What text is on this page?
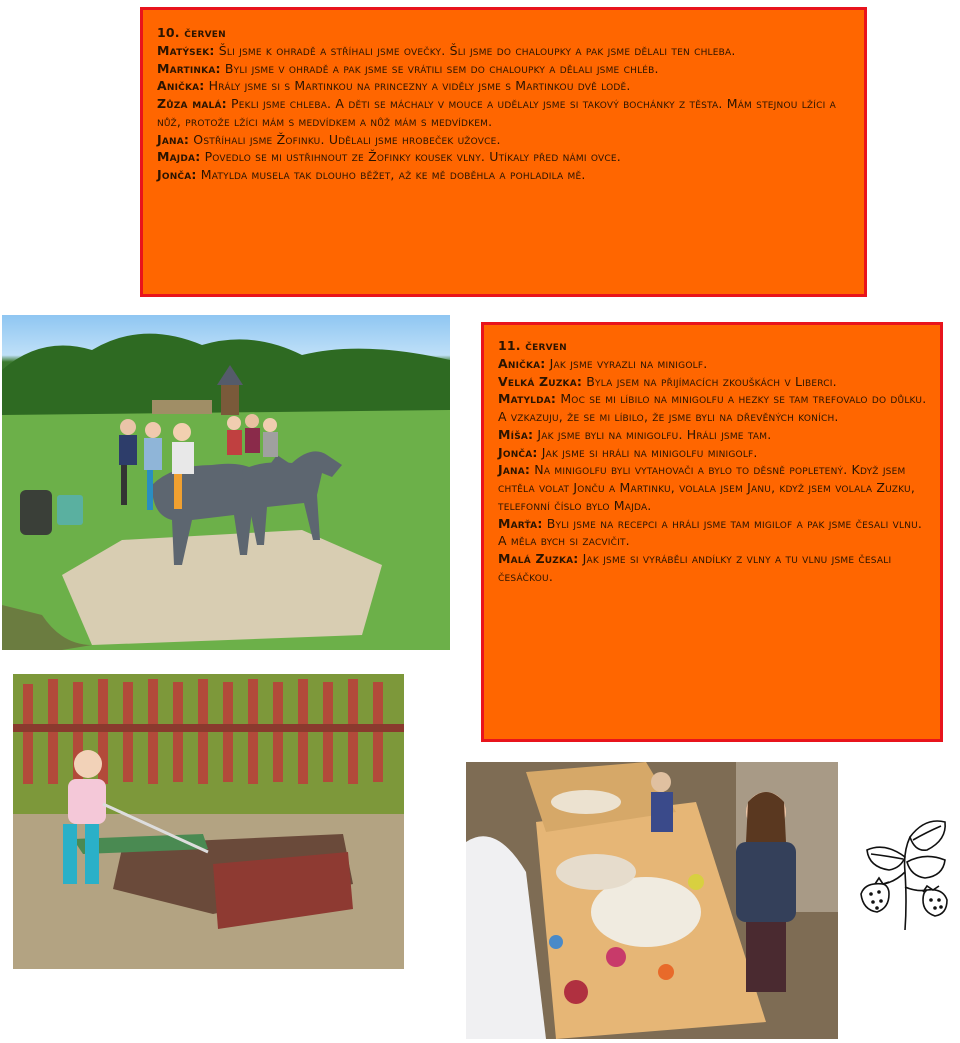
10. červen

Matýsek: Šli jsme k ohradě a stříhali jsme ovečky. Šli jsme do chaloupky a pak jsme dělali ten chleba.

Martinka: Byli jsme v ohradě a pak jsme se vrátili sem do chaloupky a dělali jsme chléb.

Anička: Hrály jsme si s Martinkou na princezny a viděly jsme s Martinkou dvě lodě.

Zůza malá: Pekli jsme chleba. A děti se máchaly v mouce a udělaly jsme si takový bochánky z těsta. Mám stejnou lžíci a nůž, protože lžíci mám s medvídkem a nůž mám s medvídkem.

Jana: Ostříhali jsme Žofinku. Udělali jsme hrobeček užovce.

Majda: Povedlo se mi ustřihnout ze Žofinky kousek vlny. Utíkaly před námi ovce.

Jonča: Matylda musela tak dlouho běžet, až ke mě doběhla a pohladila mě.

11. červen

Anička: Jak jsme vyrazli na minigolf.

Velká Zuzka: Byla jsem na přijímacích zkouškách v Liberci.

Matylda: Moc se mi líbilo na minigolfu a hezky se tam trefovalo do důlku. A vzkazuju, že se mi líbilo, že jsme byli na dřevěných koních.

Míša: Jak jsme byli na minigolfu. Hráli jsme tam.

Jonča: Jak jsme si hráli na minigolfu minigolf.

Jana: Na minigolfu byli vytahovači a bylo to děsně popletený. Když jsem chtěla volat Jonču a Martinku, volala jsem Janu, když jsem volala Zuzku, telefonní číslo bylo Majda.

Marťa: Byli jsme na recepci a hráli jsme tam migilof a pak jsme česali vlnu. A měla bych si zacvičit.

Malá Zuzka: Jak jsme si vyráběli andílky z vlny a tu vlnu jsme česali česáčkou.
